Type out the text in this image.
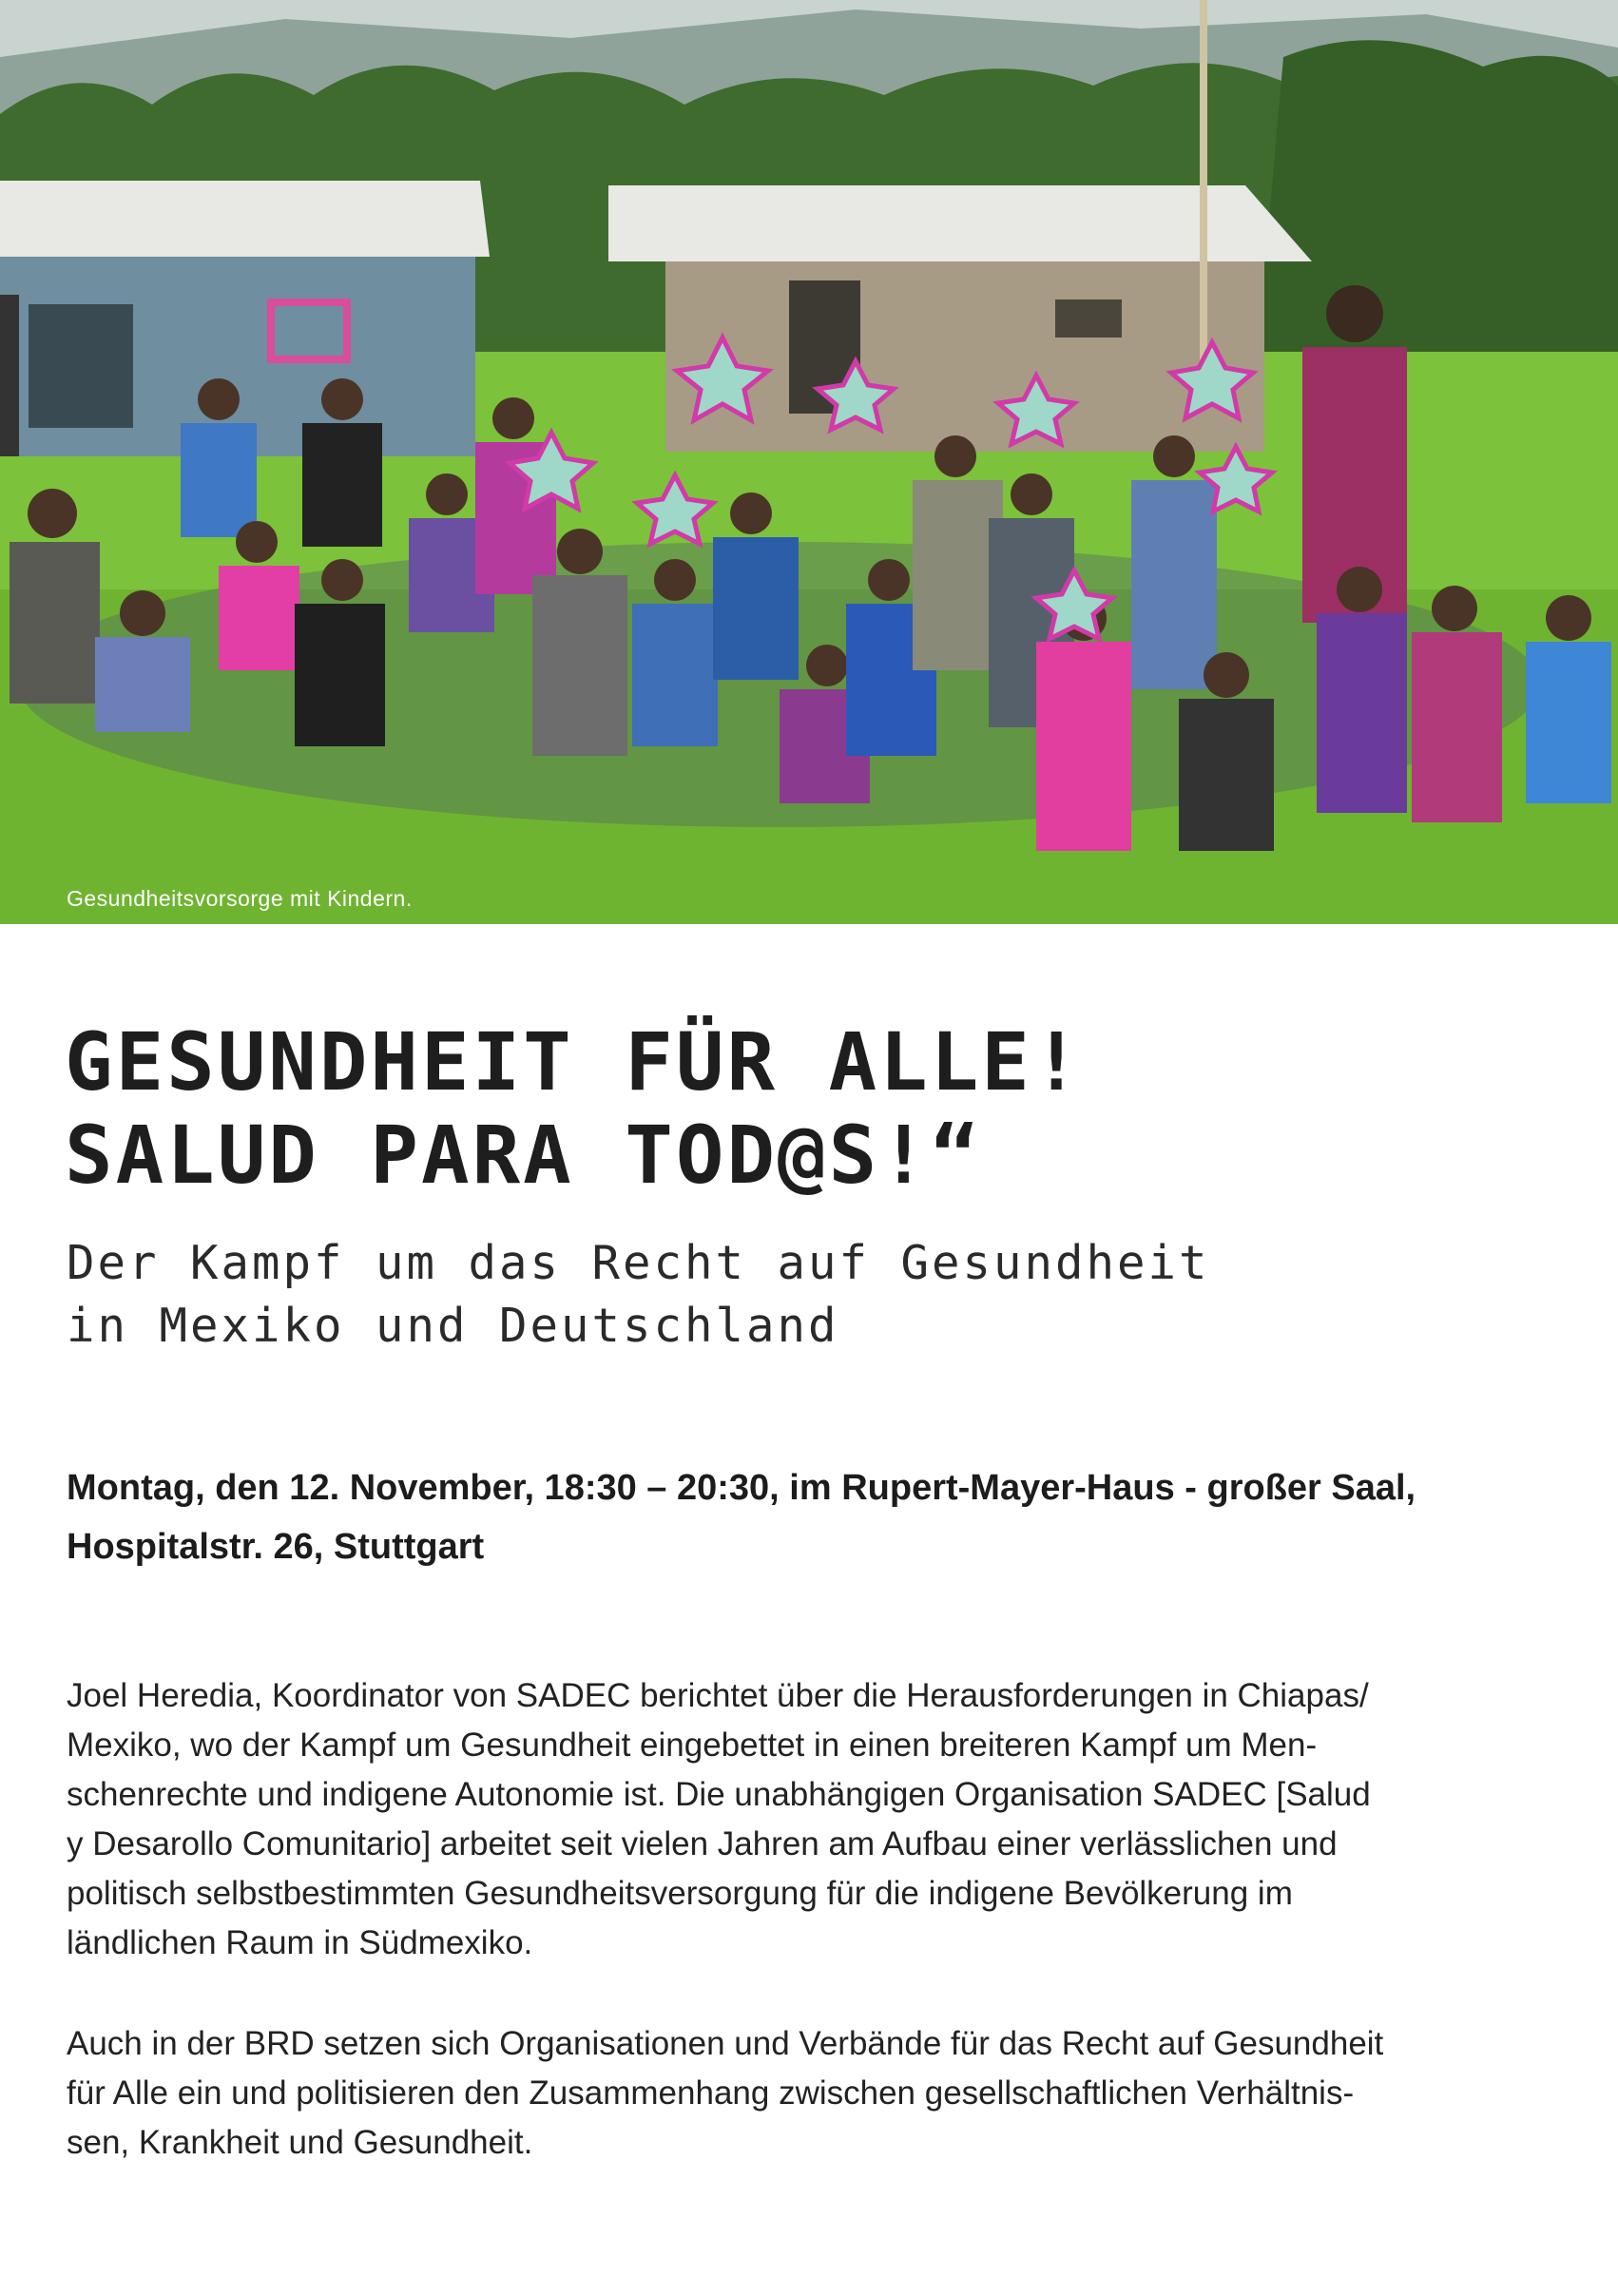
Gesundheitsvorsorge mit Kindern.
GESUNDHEIT FÜR ALLE!
SALUD PARA TOD@S!“
Der Kampf um das Recht auf Gesundheit
in Mexiko und Deutschland

Montag, den 12. November, 18:30 – 20:30, im Rupert-Mayer-Haus - großer Saal,
Hospitalstr. 26, Stuttgart

Joel Heredia, Koordinator von SADEC berichtet über die Herausforderungen in Chiapas/
Mexiko, wo der Kampf um Gesundheit eingebettet in einen breiteren Kampf um Men-
schenrechte und indigene Autonomie ist. Die unabhängigen Organisation SADEC [Salud
y Desarollo Comunitario] arbeitet seit vielen Jahren am Aufbau einer verlässlichen und
politisch selbstbestimmten Gesundheitsversorgung für die indigene Bevölkerung im
ländlichen Raum in Südmexiko.

Auch in der BRD setzen sich Organisationen und Verbände für das Recht auf Gesundheit
für Alle ein und politisieren den Zusammenhang zwischen gesellschaftlichen Verhältnis-
sen, Krankheit und Gesundheit.
